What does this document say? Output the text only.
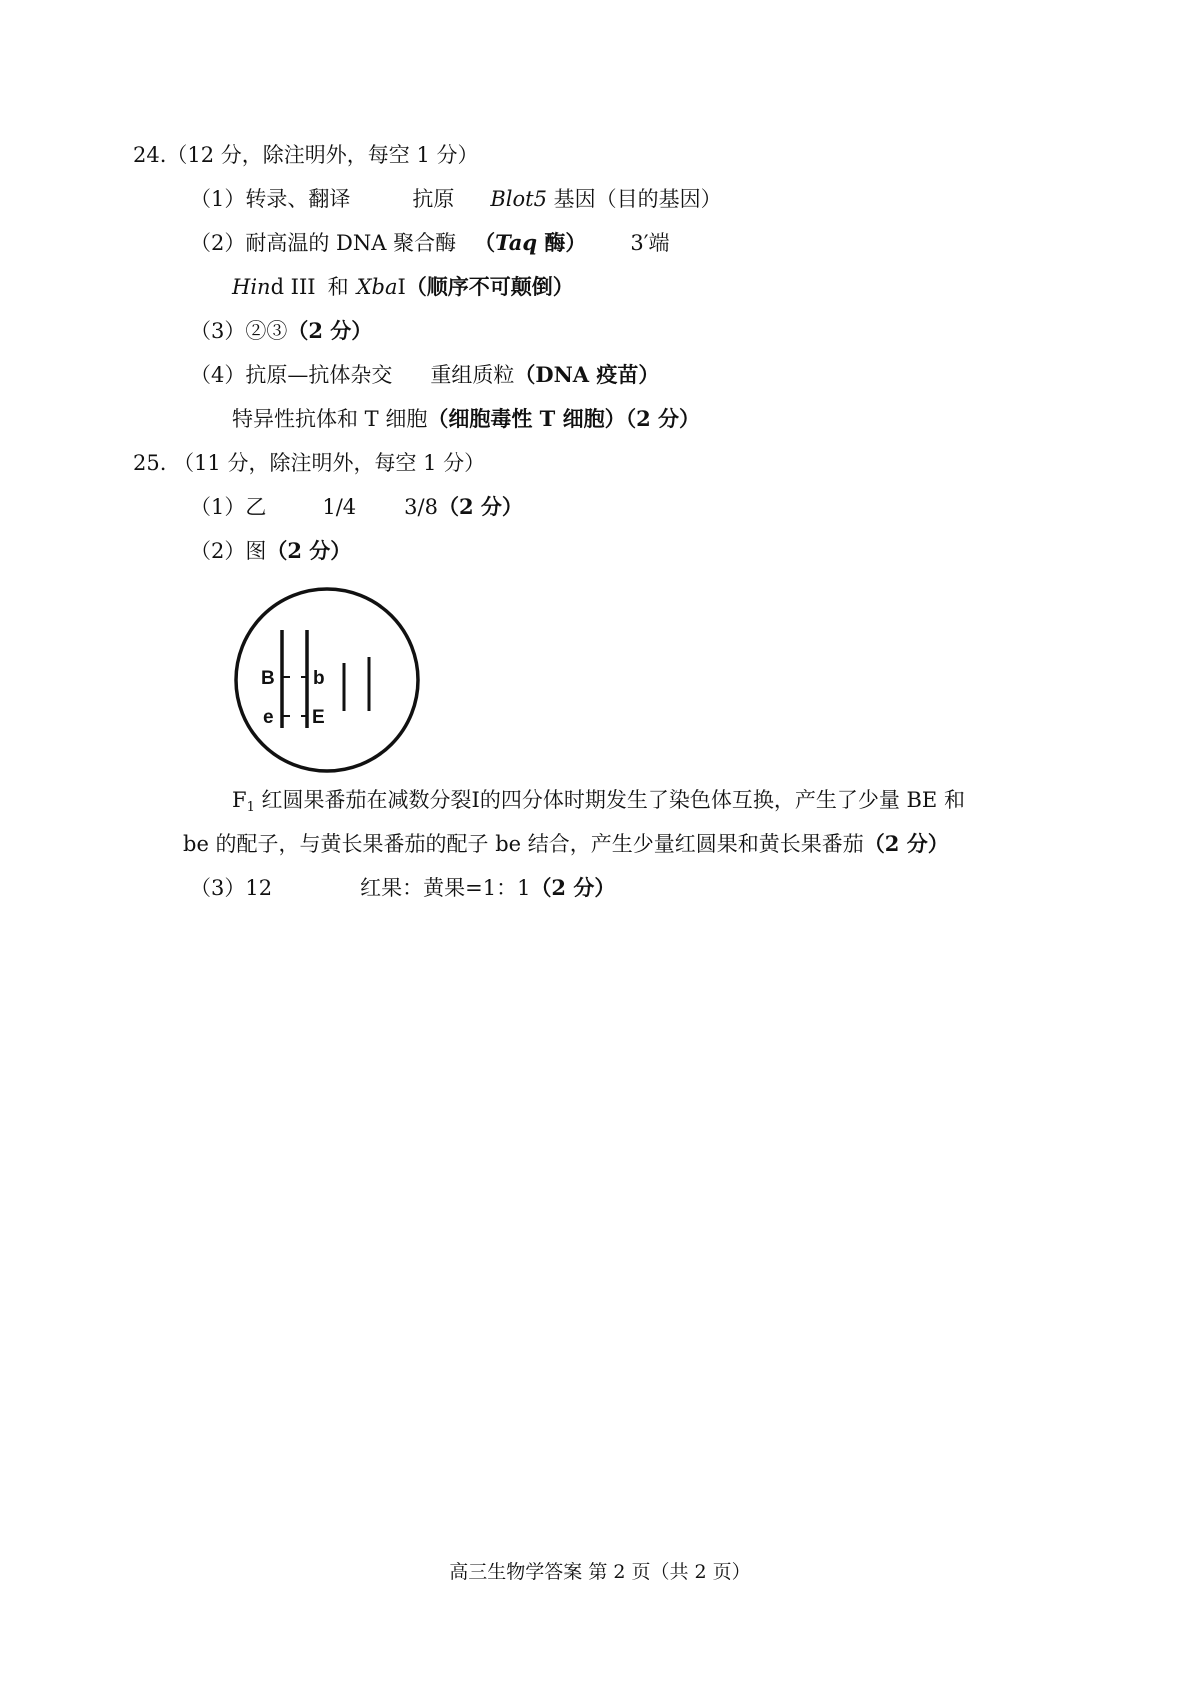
24.（12 分，除注明外，每空 1 分）
（1）转录、翻译	抗原 Blot5 基因（目的基因）
（2）耐高温的 DNA 聚合酶 （Taq 酶） 3′端
Hind III 和 XbaI（顺序不可颠倒）
（3）②③（2 分）
（4）抗原—抗体杂交 重组质粒（DNA 疫苗）
特异性抗体和 T 细胞（细胞毒性 T 细胞）（2 分）
25. （11 分，除注明外，每空 1 分）
（1）乙	1/4 3/8（2 分）
（2）图（2 分）
B
e
b
E
$F_1$ 红圆果番茄在减数分裂I的四分体时期发生了染色体互换，产生了少量 BE 和
be 的配子，与黄长果番茄的配子 be 结合，产生少量红圆果和黄长果番茄（2 分）
（3）12	红果：黄果=1：1（2 分）
高三生物学答案 第 2 页（共 2 页）
